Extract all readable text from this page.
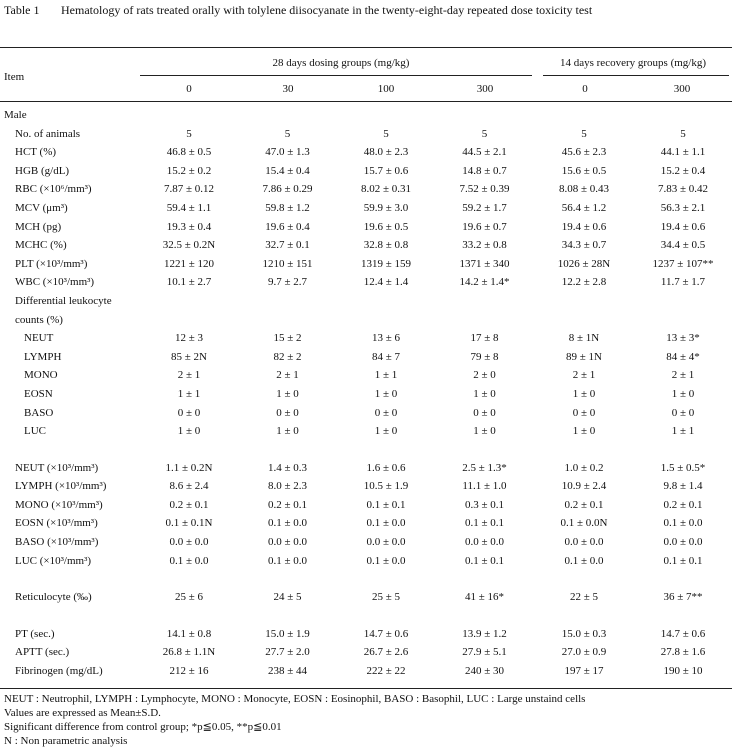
Table 1 Hematology of rats treated orally with tolylene diisocyanate in the twenty-eight-day repeated dose toxicity test
Item
28 days dosing groups (mg/kg)	14 days recovery groups (mg/kg)
0	30	100	300	0	300
Male						
No. of animals	5	5	5	5	5	5
HCT (%)	46.8 ± 0.5	47.0 ± 1.3	48.0 ± 2.3	44.5 ± 2.1	45.6 ± 2.3	44.1 ± 1.1
HGB (g/dL)	15.2 ± 0.2	15.4 ± 0.4	15.7 ± 0.6	14.8 ± 0.7	15.6 ± 0.5	15.2 ± 0.4
RBC (×10⁶/mm³)	7.87 ± 0.12	7.86 ± 0.29	8.02 ± 0.31	7.52 ± 0.39	8.08 ± 0.43	7.83 ± 0.42
MCV (μm³)	59.4 ± 1.1	59.8 ± 1.2	59.9 ± 3.0	59.2 ± 1.7	56.4 ± 1.2	56.3 ± 2.1
MCH (pg)	19.3 ± 0.4	19.6 ± 0.4	19.6 ± 0.5	19.6 ± 0.7	19.4 ± 0.6	19.4 ± 0.6
MCHC (%)	32.5 ± 0.2N	32.7 ± 0.1	32.8 ± 0.8	33.2 ± 0.8	34.3 ± 0.7	34.4 ± 0.5
PLT (×10³/mm³)	1221 ± 120	1210 ± 151	1319 ± 159	1371 ± 340	1026 ± 28N	1237 ± 107**
WBC (×10³/mm³)	10.1 ± 2.7	9.7 ± 2.7	12.4 ± 1.4	14.2 ± 1.4*	12.2 ± 2.8	11.7 ± 1.7
Differential leukocyte						
counts (%)						
NEUT	12 ± 3	15 ± 2	13 ± 6	17 ± 8	8 ± 1N	13 ± 3*
LYMPH	85 ± 2N	82 ± 2	84 ± 7	79 ± 8	89 ± 1N	84 ± 4*
MONO	2 ± 1	2 ± 1	1 ± 1	2 ± 0	2 ± 1	2 ± 1
EOSN	1 ± 1	1 ± 0	1 ± 0	1 ± 0	1 ± 0	1 ± 0
BASO	0 ± 0	0 ± 0	0 ± 0	0 ± 0	0 ± 0	0 ± 0
LUC	1 ± 0	1 ± 0	1 ± 0	1 ± 0	1 ± 0	1 ± 1

NEUT (×10³/mm³)	1.1 ± 0.2N	1.4 ± 0.3	1.6 ± 0.6	2.5 ± 1.3*	1.0 ± 0.2	1.5 ± 0.5*
LYMPH (×10³/mm³)	8.6 ± 2.4	8.0 ± 2.3	10.5 ± 1.9	11.1 ± 1.0	10.9 ± 2.4	9.8 ± 1.4
MONO (×10³/mm³)	0.2 ± 0.1	0.2 ± 0.1	0.1 ± 0.1	0.3 ± 0.1	0.2 ± 0.1	0.2 ± 0.1
EOSN (×10³/mm³)	0.1 ± 0.1N	0.1 ± 0.0	0.1 ± 0.0	0.1 ± 0.1	0.1 ± 0.0N	0.1 ± 0.0
BASO (×10³/mm³)	0.0 ± 0.0	0.0 ± 0.0	0.0 ± 0.0	0.0 ± 0.0	0.0 ± 0.0	0.0 ± 0.0
LUC (×10³/mm³)	0.1 ± 0.0	0.1 ± 0.0	0.1 ± 0.0	0.1 ± 0.1	0.1 ± 0.0	0.1 ± 0.1

Reticulocyte (‰)	25 ± 6	24 ± 5	25 ± 5	41 ± 16*	22 ± 5	36 ± 7**

PT (sec.)	14.1 ± 0.8	15.0 ± 1.9	14.7 ± 0.6	13.9 ± 1.2	15.0 ± 0.3	14.7 ± 0.6
APTT (sec.)	26.8 ± 1.1N	27.7 ± 2.0	26.7 ± 2.6	27.9 ± 5.1	27.0 ± 0.9	27.8 ± 1.6
Fibrinogen (mg/dL)	212 ± 16	238 ± 44	222 ± 22	240 ± 30	197 ± 17	190 ± 10
NEUT : Neutrophil, LYMPH : Lymphocyte, MONO : Monocyte, EOSN : Eosinophil, BASO : Basophil, LUC : Large unstaind cells
Values are expressed as Mean±S.D.
Significant difference from control group; *p≦0.05, **p≦0.01
N : Non parametric analysis
